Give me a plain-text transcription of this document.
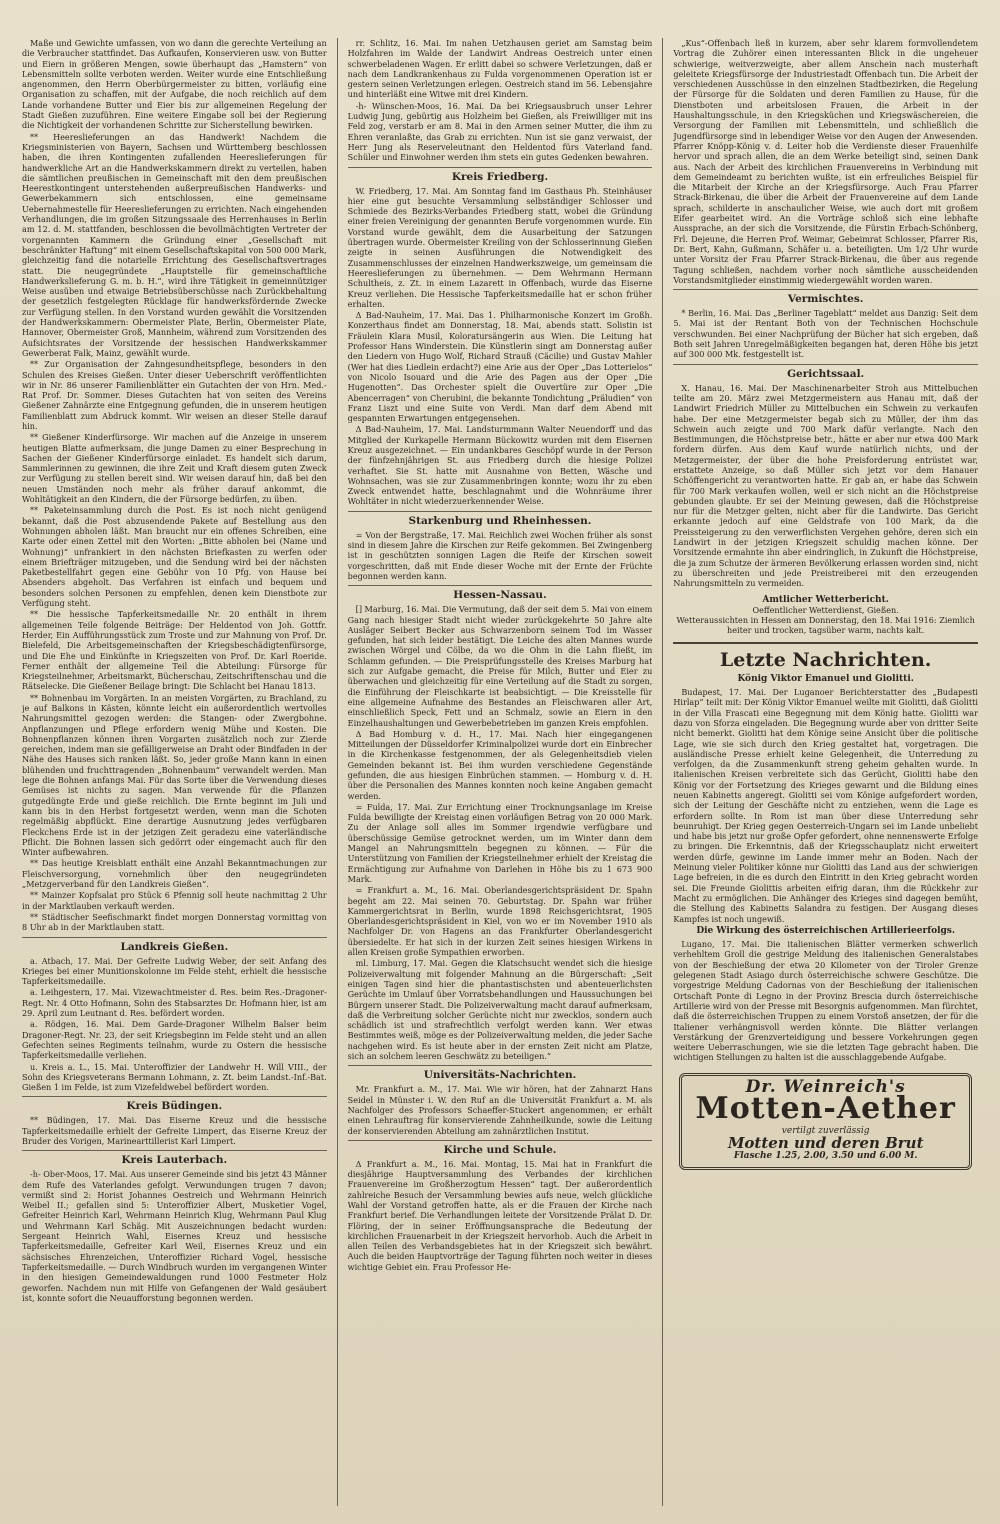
Maße und Gewichte umfassen, von wo dann die gerechte Verteilung an die Verbraucher stattfindet. Das Aufkaufen, Konservieren usw. von Butter und Eiern in größeren Mengen, sowie überhaupt das „Hamstern“ von Lebensmitteln sollte verboten werden. Weiter wurde eine Entschließung angenommen, den Herrn Oberbürgermeister zu bitten, vorläufig eine Organisation zu schaffen, mit der Aufgabe, die noch reichlich auf dem Lande vorhandene Butter und Eier bis zur allgemeinen Regelung der Stadt Gießen zuzuführen. Eine weitere Eingabe soll bei der Regierung die Nichtigkeit der vorhandenen Schritte zur Sicherstellung bewirken.

** Heereslieferungen an das Handwerk! Nachdem die Kriegsministerien von Bayern, Sachsen und Württemberg beschlossen haben, die ihren Kontingenten zufallenden Heereslieferungen für handwerkliche Art an die Handwerkskammern direkt zu verteilen, haben die sämtlichen preußischen in Gemeinschaft mit den dem preußischen Heerestkontingent unterstehenden außerpreußischen Handwerks- und Gewerbekammern sich entschlossen, eine gemeinsame Uebernahmestelle für Heereslieferungen zu errichten. Nach eingehenden Verhandlungen, die im großen Sitzungssaale des Herrenhauses in Berlin am 12. d. M. stattfanden, beschlossen die bevollmächtigten Vertreter der vorgenannten Kammern die Gründung einer „Gesellschaft mit beschränkter Haftung“ mit einem Gesellschaftskapital von 500 000 Mark, gleichzeitig fand die notarielle Errichtung des Gesellschaftsvertrages statt. Die neugegründete „Hauptstelle für gemeinschaftliche Handwerkslieferung G. m. b. H.“, wird ihre Tätigkeit in gemeinnütziger Weise ausüben und etwaige Betriebsüberschüsse nach Zurückbehaltung der gesetzlich festgelegten Rücklage für handwerksfördernde Zwecke zur Verfügung stellen. In den Vorstand wurden gewählt die Vorsitzenden der Handwerkskammern: Obermeister Plate, Berlin, Obermeister Plate, Hannover, Obermeister Groß, Mannheim, während zum Vorsitzenden des Aufsichtsrates der Vorsitzende der hessischen Handwerkskammer Gewerberat Falk, Mainz, gewählt wurde.

** Zur Organisation der Zahngesundheitspflege, besonders in den Schulen des Kreises Gießen. Unter dieser Ueberschrift veröffentlichten wir in Nr. 86 unserer Familienblätter ein Gutachten der von Hrn. Med.-Rat Prof. Dr. Sommer. Dieses Gutachten hat von seiten des Vereins Gießener Zahnärzte eine Entgegnung gefunden, die in unserem heutigen Familienblatt zum Abdruck kommt. Wir weisen an dieser Stelle darauf hin.

** Gießener Kinderfürsorge. Wir machen auf die Anzeige in unserem heutigen Blatte aufmerksam, die junge Damen zu einer Besprechung in Sachen der Gießener Kinderfürsorge einladet. Es handelt sich darum, Sammlerinnen zu gewinnen, die ihre Zeit und Kraft diesem guten Zweck zur Verfügung zu stellen bereit sind. Wir weisen darauf hin, daß bei den neuen Umständen noch mehr als früher darauf ankommt, die Wohltätigkeit an den Kindern, die der Fürsorge bedürfen, zu üben.

** Paketeinsammlung durch die Post. Es ist noch nicht genügend bekannt, daß die Post abzusendende Pakete auf Bestellung aus den Wohnungen abholen läßt. Man braucht nur ein offenes Schreiben, eine Karte oder einen Zettel mit den Worten: „Bitte abholen bei (Name und Wohnung)“ unfrankiert in den nächsten Briefkasten zu werfen oder einem Briefträger mitzugeben, und die Sendung wird bei der nächsten Paketbestellfahrt gegen eine Gebühr von 10 Pfg. von Hause bei Absenders abgeholt. Das Verfahren ist einfach und bequem und besonders solchen Personen zu empfehlen, denen kein Dienstbote zur Verfügung steht.

** Die hessische Tapferkeitsmedaille Nr. 20 enthält in ihrem allgemeinen Teile folgende Beiträge: Der Heldentod von Joh. Gottfr. Herder, Ein Aufführungsstück zum Troste und zur Mahnung von Prof. Dr. Bielefeld, Die Arbeitsgemeinschaften der Kriegsbeschädigtenfürsorge, und Die Ehe und Einkünfte in Kriegszeiten von Prof. Dr. Karl Roeride. Ferner enthält der allgemeine Teil die Abteilung: Fürsorge für Kriegsteilnehmer, Arbeitsmarkt, Bücherschau, Zeitschriftenschau und die Rätselecke. Die Gießener Beilage bringt: Die Schlacht bei Hanau 1813.

** Bohnenbau im Vorgärten. In an meisten Vorgärten, zu Brachland, zu je auf Balkons in Kästen, könnte leicht ein außerordentlich wertvolles Nahrungsmittel gezogen werden: die Stangen- oder Zwergbohne. Anpflanzungen und Pflege erfordern wenig Mühe und Kosten. Die Bohnenpflanzen können ihren Vorgarten zusätzlich noch zur Zierde gereichen, indem man sie gefälligerweise an Draht oder Bindfaden in der Nähe des Hauses sich ranken läßt. So, jeder große Mann kann in einen blühenden und fruchttragenden „Bohnenbaum“ verwandelt werden. Man lege die Bohnen anfangs Mai. Für das Sorte über die Verwendung dieses Gemüses ist nichts zu sagen. Man verwende für die Pflanzen gutgedüngte Erde und gieße reichlich. Die Ernte beginnt im Juli und kann bis in den Herbst fortgesetzt werden, wenn man die Schoten regelmäßig abpflückt. Eine derartige Ausnutzung jedes verfügbaren Fleckchens Erde ist in der jetzigen Zeit geradezu eine vaterländische Pflicht. Die Bohnen lassen sich gedörrt oder eingemacht auch für den Winter aufbewahren.

** Das heutige Kreisblatt enthält eine Anzahl Bekanntmachungen zur Fleischversorgung, vornehmlich über den neugegründeten „Metzgerverband für den Landkreis Gießen“.

** Mainzer Kopfsalat pro Stück 6 Pfennig soll heute nachmittag 2 Uhr in der Marktlauben verkauft werden.

** Städtischer Seefischmarkt findet morgen Donnerstag vormittag von 8 Uhr ab in der Marktlauben statt.

Landkreis Gießen.

a. Atbach, 17. Mai. Der Gefreite Ludwig Weber, der seit Anfang des Krieges bei einer Munitionskolonne im Felde steht, erhielt die hessische Tapferkeitsmedaille.

a. Leihgestern, 17. Mai. Vizewachtmeister d. Res. beim Res.-Dragoner-Regt. Nr. 4 Otto Hofmann, Sohn des Stabsarztes Dr. Hofmann hier, ist am 29. April zum Leutnant d. Res. befördert worden.

a. Rödgen, 16. Mai. Dem Garde-Dragoner Wilhelm Balser beim Dragoner-Regt. Nr. 23, der seit Kriegsbeginn im Felde steht und an allen Gefechten seines Regiments teilnahm, wurde zu Ostern die hessische Tapferkeitsmedaille verliehen.

u. Kreis a. L., 15. Mai. Unteroffizier der Landwehr H. Will VIII., der Sohn des Kriegsveterans Bermann Lohmann, z. Zt. beim Landst.-Inf.-Bat. Gießen 1 im Felde, ist zum Vizefeldwebel befördert worden.

Kreis Büdingen.

** Büdingen, 17. Mai. Das Eiserne Kreuz und die hessische Tapferkeitsmedaille erhielt der Gefreite Limpert, das Eiserne Kreuz der Bruder des Vorigen, Marinearttillerist Karl Limpert.

Kreis Lauterbach.

-h- Ober-Moos, 17. Mai. Aus unserer Gemeinde sind bis jetzt 43 Männer dem Rufe des Vaterlandes gefolgt. Verwundungen trugen 7 davon; vermißt sind 2: Horist Johannes Oestreich und Wehrmann Heinrich Weibel II.; gefallen sind 5: Unteroffizier Albert, Musketier Vogel, Gefreiter Heinrich Karl, Wehrmann Heinrich Klug, Wehrmann Paul Klug und Wehrmann Karl Schäg. Mit Auszeichnungen bedacht wurden: Sergeant Heinrich Wahl, Eisernes Kreuz und hessische Tapferkeitsmedaille, Gefreiter Karl Weil, Eisernes Kreuz und ein sächsisches Ehrenzeichen, Unteroffizier Richard Vogel, hessische Tapferkeitsmedaille. — Durch Windbruch wurden im vergangenen Winter in den hiesigen Gemeindewaldungen rund 1000 Festmeter Holz geworfen. Nachdem nun mit Hilfe von Gefangenen der Wald gesäubert ist, konnte sofort die Neuaufforstung begonnen werden.

rr. Schlitz, 16. Mai. Im nahen Uetzhausen geriet am Samstag beim Holzfahren im Walde der Landwirt Andreas Oestreich unter einen schwerbeladenen Wagen. Er erlitt dabei so schwere Verletzungen, daß er nach dem Landkrankenhaus zu Fulda vorgenommenen Operation ist er gestern seinen Verletzungen erlegen. Oestreich stand im 56. Lebensjahre und hinterläßt eine Witwe mit drei Kindern.

-h- Wünschen-Moos, 16. Mai. Da bei Kriegsausbruch unser Lehrer Ludwig Jung, gebürtig aus Holzheim bei Gießen, als Freiwilliger mit ins Feld zog, verstarb er am 8. Mai in den Armen seiner Mutter, die ihm zu Ehren veranlaßte, das Grab zu errichten. Nun ist sie ganz verwaist, der Herr Jung als Reserveleutnant den Heldentod fürs Vaterland fand. Schüler und Einwohner werden ihm stets ein gutes Gedenken bewahren.

Kreis Friedberg.

W. Friedberg, 17. Mai. Am Sonntag fand im Gasthaus Ph. Steinhäuser hier eine gut besuchte Versammlung selbständiger Schlosser und Schmiede des Bezirks-Verbandes Friedberg statt, wobei die Gründung einer freien Vereinigung der genannten Berufe vorgenommen wurde. Ein Vorstand wurde gewählt, dem die Ausarbeitung der Satzungen übertragen wurde. Obermeister Kreiling von der Schlosserinnung Gießen zeigte in seinen Ausführungen die Notwendigkeit des Zusammenschlusses der einzelnen Handwerkszweige, um gemeinsam die Heereslieferungen zu übernehmen. — Dem Wehrmann Hermann Schultheis, z. Zt. in einem Lazarett in Offenbach, wurde das Eiserne Kreuz verliehen. Die Hessische Tapferkeitsmedaille hat er schon früher erhalten.

Δ Bad-Nauheim, 17. Mai. Das 1. Philharmonische Konzert im Großh. Konzerthaus findet am Donnerstag, 18. Mai, abends statt. Solistin ist Fräulein Klara Musil, Koloratursängerin aus Wien. Die Leitung hat Professor Hans Winderstein. Die Künstlerin singt am Donnerstag außer den Liedern von Hugo Wolf, Richard Strauß (Cäcilie) und Gustav Mahler (Wer hat dies Liedlein erdacht?) eine Arie aus der Oper „Das Lotterielos“ von Nicolo Isouard und die Arie des Pagen aus der Oper „Die Hugenotten“. Das Orchester spielt die Ouvertüre zur Oper „Die Abencerragen“ von Cherubini, die bekannte Tondichtung „Präludien“ von Franz Liszt und eine Suite von Verdi. Man darf dem Abend mit gespannten Erwartungen entgegensehen.

Δ Bad-Nauheim, 17. Mai. Landsturmmann Walter Neuendorff und das Mitglied der Kurkapelle Hermann Bückowitz wurden mit dem Eisernen Kreuz ausgezeichnet. — Ein undankbares Geschöpf wurde in der Person der fünfzehnjährigen St. aus Friedberg durch die hiesige Polizei verhaftet. Sie St. hatte mit Ausnahme von Betten, Wäsche und Wohnsachen, was sie zur Zusammenbringen konnte; wozu ihr zu eben Zweck entwendet hatte, beschlagnahmt und die Wohnräume ihrer Wohltäter in nicht wiederzuerkennender Weise.

Starkenburg und Rheinhessen.

= Von der Bergstraße, 17. Mai. Reichlich zwei Wochen früher als sonst sind in diesem Jahre die Kirschen zur Reife gekommen. Bei Zwingenberg ist in geschützten sonnigen Lagen die Reife der Kirschen soweit vorgeschritten, daß mit Ende dieser Woche mit der Ernte der Früchte begonnen werden kann.

Hessen-Nassau.

[] Marburg, 16. Mai. Die Vermutung, daß der seit dem 5. Mai von einem Gang nach hiesiger Stadt nicht wieder zurückgekehrte 50 Jahre alte Ausläger Seibert Becker aus Schwarzenborn seinem Tod im Wasser gefunden, hat sich leider bestätigt. Die Leiche des alten Mannes wurde zwischen Wörgel und Cölbe, da wo die Ohm in die Lahn fließt, im Schlamm gefunden. — Die Preisprüfungsstelle des Kreises Marburg hat sich zur Aufgabe gemacht, die Preise für Milch, Butter und Eier zu überwachen und gleichzeitig für eine Verteilung auf die Stadt zu sorgen, die Einführung der Fleischkarte ist beabsichtigt. — Die Kreisstelle für eine allgemeine Aufnahme des Bestandes an Fleischwaren aller Art, einschließlich Speck, Fett und an Schmalz, sowie an Eiern in den Einzelhaushaltungen und Gewerbebetrieben im ganzen Kreis empfohlen.

Δ Bad Homburg v. d. H., 17. Mai. Nach hier eingegangenen Mitteilungen der Düsseldorfer Kriminalpolizei wurde dort ein Einbrecher in die Kirchenkasse festgenommen, der als Gelegenheitsdieb vielen Gemeinden bekannt ist. Bei ihm wurden verschiedene Gegenstände gefunden, die aus hiesigen Einbrüchen stammen. — Homburg v. d. H. über die Personalien des Mannes konnten noch keine Angaben gemacht werden.

= Fulda, 17. Mai. Zur Errichtung einer Trocknungsanlage im Kreise Fulda bewilligte der Kreistag einen vorläufigen Betrag von 20 000 Mark. Zu der Anlage soll alles im Sommer irgendwie verfügbare und überschüssige Gemüse getrocknet werden, um im Winter dann dem Mangel an Nahrungsmitteln begegnen zu können. — Für die Unterstützung von Familien der Kriegsteilnehmer erhielt der Kreistag die Ermächtigung zur Aufnahme von Darlehen in Höhe bis zu 1 673 900 Mark.

= Frankfurt a. M., 16. Mai. Oberlandesgerichtspräsident Dr. Spahn begeht am 22. Mai seinen 70. Geburtstag. Dr. Spahn war früher Kammergerichtsrat in Berlin, wurde 1898 Reichsgerichtsrat, 1905 Oberlandesgerichtspräsident in Kiel, von wo er im November 1910 als Nachfolger Dr. von Hagens an das Frankfurter Oberlandesgericht übersiedelte. Er hat sich in der kurzen Zeit seines hiesigen Wirkens in allen Kreisen große Sympathien erworben.

ml. Limburg, 17. Mai. Gegen die Klatschsucht wendet sich die hiesige Polizeiverwaltung mit folgender Mahnung an die Bürgerschaft: „Seit einigen Tagen sind hier die phantastischsten und abenteuerlichsten Gerüchte im Umlauf über Vorratsbehandlungen und Haussuchungen bei Bürgern unserer Stadt. Die Polizeiverwaltung macht darauf aufmerksam, daß die Verbreitung solcher Gerüchte nicht nur zwecklos, sondern auch schädlich ist und strafrechtlich verfolgt werden kann. Wer etwas Bestimmtes weiß, möge es der Polizeiverwaltung melden, die jeder Sache nachgehen wird. Es ist heute aber in der ernsten Zeit nicht am Platze, sich an solchem leeren Geschwätz zu beteiligen.“

Universitäts-Nachrichten.

Mr. Frankfurt a. M., 17. Mai. Wie wir hören, hat der Zahnarzt Hans Seidel in Münster i. W. den Ruf an die Universität Frankfurt a. M. als Nachfolger des Professors Schaeffer-Stuckert angenommen; er erhält einen Lehrauftrag für konservierende Zahnheilkunde, sowie die Leitung der konservierenden Abteilung am zahnärztlichen Institut.

Kirche und Schule.

Δ Frankfurt a. M., 16. Mai. Montag, 15. Mai hat in Frankfurt die diesjährige Hauptversammlung des Verbandes der kirchlichen Frauenvereine im Großherzogtum Hessen“ tagt. Der außerordentlich zahlreiche Besuch der Versammlung bewies aufs neue, welch glückliche Wahl der Vorstand getroffen hatte, als er die Frauen der Kirche nach Frankfurt berief. Die Verhandlungen leitete der Vorsitzende Prälat D. Dr. Flöring, der in seiner Eröffnungsansprache die Bedeutung der kirchlichen Frauenarbeit in der Kriegszeit hervorhob. Auch die Arbeit in allen Teilen des Verbandsgebietes hat in der Kriegszeit sich bewährt. Auch die beiden Hauptvorträge der Tagung führten noch weiter in dieses wichtige Gebiet ein. Frau Professor He-

„Kus“-Offenbach ließ in kurzem, aber sehr klarem formvollendetem Vortrag die Zuhörer einen interessanten Blick in die ungeheuer schwierige, weitverzweigte, aber allem Anschein nach musterhaft geleitete Kriegsfürsorge der Industriestadt Offenbach tun. Die Arbeit der verschiedenen Ausschüsse in den einzelnen Stadtbezirken, die Regelung der Fürsorge für die Soldaten und deren Familien zu Hause, für die Dienstboten und arbeitslosen Frauen, die Arbeit in der Haushaltungsschule, in den Kriegsküchen und Kriegswäschereien, die Versorgung der Familien mit Lebensmitteln, und schließlich die Jugendfürsorge sind in lebendiger Weise vor den Augen der Anwesenden. Pfarrer Knöpp-König v. d. Leiter hob die Verdienste dieser Frauenhilfe hervor und sprach allen, die an dem Werke beteiligt sind, seinen Dank aus. Nach der Arbeit des kirchlichen Frauenvereins in Verbindung mit dem Gemeindeamt zu berichten wußte, ist ein erfreuliches Beispiel für die Mitarbeit der Kirche an der Kriegsfürsorge. Auch Frau Pfarrer Strack-Birkenau, die über die Arbeit der Frauenvereine auf dem Lande sprach, schilderte in anschaulicher Weise, wie auch dort mit großem Eifer gearbeitet wird. An die Vorträge schloß sich eine lebhafte Aussprache, an der sich die Vorsitzende, die Fürstin Erbach-Schönberg, Frl. Dejeune, die Herren Prof. Weimar, Gebeimrat Schlosser, Pfarrer Ris, Dr. Bert, Kahn, Gußmann, Schäfer u. a. beteiligten. Um 1/2 Uhr wurde unter Vorsitz der Frau Pfarrer Strack-Birkenau, die über aus regende Tagung schließen, nachdem vorher noch sämtliche ausscheidenden Vorstandsmitglieder einstimmig wiedergewählt worden waren.

Vermischtes.

* Berlin, 16. Mai. Das „Berliner Tageblatt“ meldet aus Danzig: Seit dem 5. Mai ist der Rentant Both von der Technischen Hochschule verschwunden. Bei einer Nachprüfung der Bücher hat sich ergeben, daß Both seit Jahren Unregelmäßigkeiten begangen hat, deren Höhe bis jetzt auf 300 000 Mk. festgestellt ist.

Gerichtssaal.

X. Hanau, 16. Mai. Der Maschinenarbeiter Stroh aus Mittelbuchen teilte am 20. März zwei Metzgermeistern aus Hanau mit, daß der Landwirt Friedrich Müller zu Mittelbuchen ein Schwein zu verkaufen habe. Der eine Metzgermeister begab sich zu Müller, der ihm das Schwein auch zeigte und 700 Mark dafür verlangte. Nach den Bestimmungen, die Höchstpreise betr., hätte er aber nur etwa 400 Mark fordern dürfen. Aus dem Kauf wurde natürlich nichts, und der Metzgermeister, der über die hohe Preisforderung entrüstet war, erstattete Anzeige, so daß Müller sich jetzt vor dem Hanauer Schöffengericht zu verantworten hatte. Er gab an, er habe das Schwein für 700 Mark verkaufen wollen, weil er sich nicht an die Höchstpreise gebunden glaubte. Er sei der Meinung gewesen, daß die Höchstpreise nur für die Metzger gelten, nicht aber für die Landwirte. Das Gericht erkannte jedoch auf eine Geldstrafe von 100 Mark, da die Preissteigerung zu den verwerflichsten Vergehen gehöre, deren sich ein Landwirt in der jetzigen Kriegszeit schuldig machen könne. Der Vorsitzende ermahnte ihn aber eindringlich, in Zukunft die Höchstpreise, die ja zum Schutze der ärmeren Bevölkerung erlassen worden sind, nicht zu überschreiten und jede Preistreiberei mit den erzeugenden Nahrungsmitteln zu vermeiden.

Amtlicher Wetterbericht.
Oeffentlicher Wetterdienst, Gießen.
Wetteraussichten in Hessen am Donnerstag, den 18. Mai 1916: Ziemlich heiter und trocken, tagsüber warm, nachts kalt.
Letzte Nachrichten.
König Viktor Emanuel und Giolitti.

Budapest, 17. Mai. Der Luganoer Berichterstatter des „Budapesti Hirlap“ teilt mit: Der König Viktor Emanuel weilte mit Giolitti, daß Giolitti in der Villa Frascati eine Begegnung mit dem König hatte. Giolitti war dazu von Sforza eingeladen. Die Begegnung wurde aber von dritter Seite nicht bemerkt. Giolitti hat dem Könige seine Ansicht über die politische Lage, wie sie sich durch den Krieg gestaltet hat, vorgetragen. Die ausländische Presse erhielt keine Gelegenheit, die Unterredung zu verfolgen, da die Zusammenkunft streng geheim gehalten wurde. In italienischen Kreisen verbreitete sich das Gerücht, Giolitti habe den König vor der Fortsetzung des Krieges gewarnt und die Bildung eines neuen Kabinetts angeregt. Giolitti sei vom Könige aufgefordert worden, sich der Leitung der Geschäfte nicht zu entziehen, wenn die Lage es erfordern sollte. In Rom ist man über diese Unterredung sehr beunruhigt. Der Krieg gegen Oesterreich-Ungarn sei im Lande unbeliebt und habe bis jetzt nur große Opfer gefordert, ohne nennenswerte Erfolge zu bringen. Die Erkenntnis, daß der Kriegsschauplatz nicht erweitert werden dürfe, gewinne im Lande immer mehr an Boden. Nach der Meinung vieler Politiker könne nur Giolitti das Land aus der schwierigen Lage befreien, in die es durch den Eintritt in den Krieg gebracht worden sei. Die Freunde Giolittis arbeiten eifrig daran, ihm die Rückkehr zur Macht zu ermöglichen. Die Anhänger des Krieges sind dagegen bemüht, die Stellung des Kabinetts Salandra zu festigen. Der Ausgang dieses Kampfes ist noch ungewiß.

Die Wirkung des österreichischen Artillerieerfolgs.

Lugano, 17. Mai. Die italienischen Blätter vermerken schwerlich verhehltem Groll die gestrige Meldung des italienischen Generalstabes von der Beschießung der etwa 20 Kilometer von der Tiroler Grenze gelegenen Stadt Asiago durch österreichische schwere Geschütze. Die vorgestrige Meldung Cadornas von der Beschießung der italienischen Ortschaft Ponte di Legno in der Provinz Brescia durch österreichische Artillerie wird von der Presse mit Besorgnis aufgenommen. Man fürchtet, daß die österreichischen Truppen zu einem Vorstoß ansetzen, der für die Italiener verhängnisvoll werden könnte. Die Blätter verlangen Verstärkung der Grenzverteidigung und bessere Vorkehrungen gegen weitere Ueberraschungen, wie sie die letzten Tage gebracht haben. Die wichtigen Stellungen zu halten ist die ausschlaggebende Aufgabe.

Dr. Weinreich's
Motten-Aether
vertilgt zuverlässig
Motten und deren Brut
Flasche 1.25, 2.00, 3.50 und 6.00 M.
